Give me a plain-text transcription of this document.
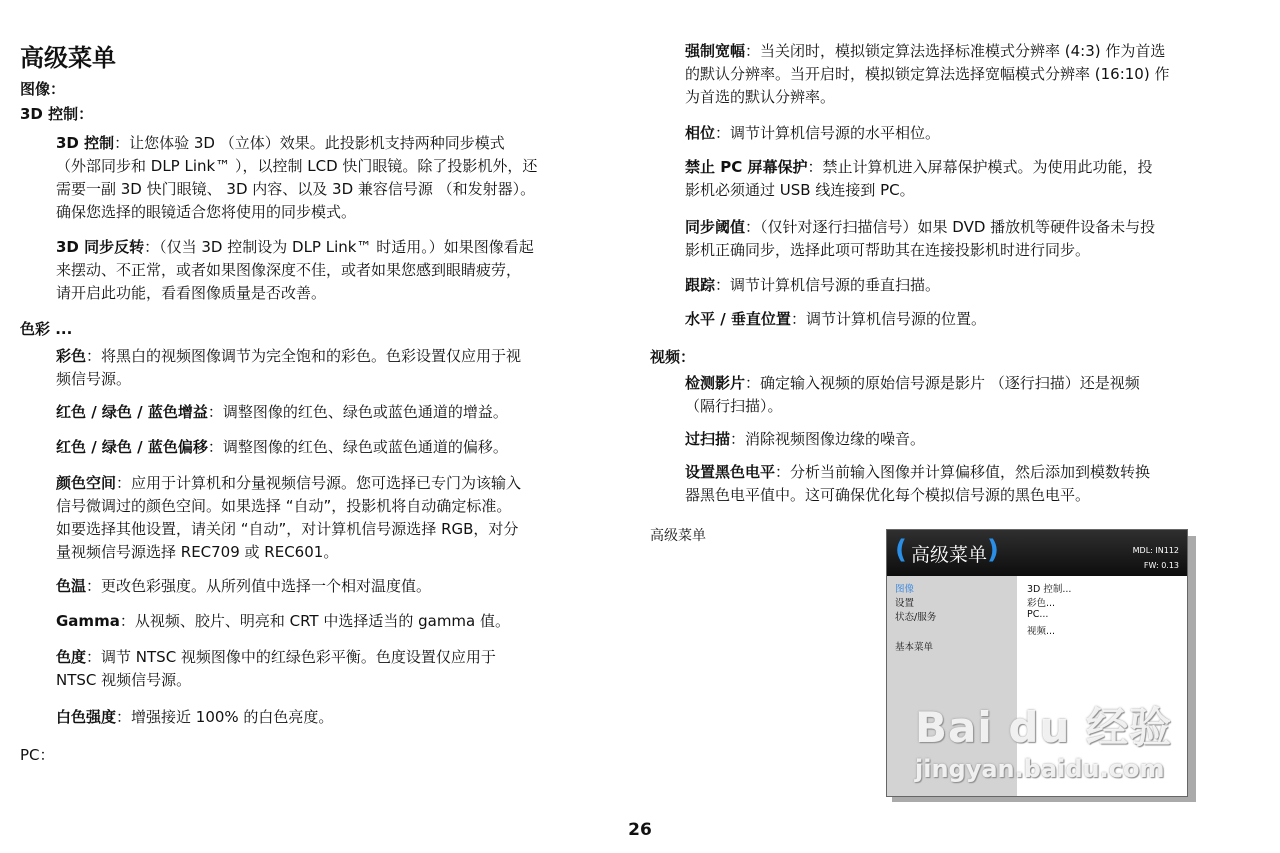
高级菜单
图像：
3D 控制：

3D 控制：让您体验 3D （立体）效果。此投影机支持两种同步模式
（外部同步和 DLP Link™ ），以控制 LCD 快门眼镜。除了投影机外，还
需要一副 3D 快门眼镜、 3D 内容、以及 3D 兼容信号源 （和发射器）。
确保您选择的眼镜适合您将使用的同步模式。

3D 同步反转：（仅当 3D 控制设为 DLP Link™ 时适用。）如果图像看起
来摆动、不正常，或者如果图像深度不佳，或者如果您感到眼睛疲劳，
请开启此功能，看看图像质量是否改善。

色彩 ...

彩色：将黑白的视频图像调节为完全饱和的彩色。色彩设置仅应用于视
频信号源。

红色 / 绿色 / 蓝色增益：调整图像的红色、绿色或蓝色通道的增益。

红色 / 绿色 / 蓝色偏移：调整图像的红色、绿色或蓝色通道的偏移。

颜色空间：应用于计算机和分量视频信号源。您可选择已专门为该输入
信号微调过的颜色空间。如果选择 “自动”，投影机将自动确定标准。
如要选择其他设置，请关闭 “自动”，对计算机信号源选择 RGB，对分
量视频信号源选择 REC709 或 REC601。

色温：更改色彩强度。从所列值中选择一个相对温度值。

Gamma：从视频、胶片、明亮和 CRT 中选择适当的 gamma 值。

色度：调节 NTSC 视频图像中的红绿色彩平衡。色度设置仅应用于
NTSC 视频信号源。

白色强度：增强接近 100% 的白色亮度。

PC：

强制宽幅：当关闭时，模拟锁定算法选择标准模式分辨率 (4:3) 作为首选
的默认分辨率。当开启时，模拟锁定算法选择宽幅模式分辨率 (16:10) 作
为首选的默认分辨率。

相位：调节计算机信号源的水平相位。

禁止 PC 屏幕保护：禁止计算机进入屏幕保护模式。为使用此功能，投
影机必须通过 USB 线连接到 PC。

同步阈值：（仅针对逐行扫描信号）如果 DVD 播放机等硬件设备未与投
影机正确同步，选择此项可帮助其在连接投影机时进行同步。

跟踪：调节计算机信号源的垂直扫描。

水平 / 垂直位置：调节计算机信号源的位置。

视频：

检测影片：确定输入视频的原始信号源是影片 （逐行扫描）还是视频
（隔行扫描）。

过扫描：消除视频图像边缘的噪音。

设置黑色电平：分析当前输入图像并计算偏移值，然后添加到模数转换
器黑色电平值中。这可确保优化每个模拟信号源的黑色电平。

高级菜单	( 高级菜单 )	MDL: IN112
FW: 0.13
图像
设置
状态/服务
基本菜单
3D 控制...
彩色...
PC...
视频...
Bai du 经验
jingyan.baidu.com
26
